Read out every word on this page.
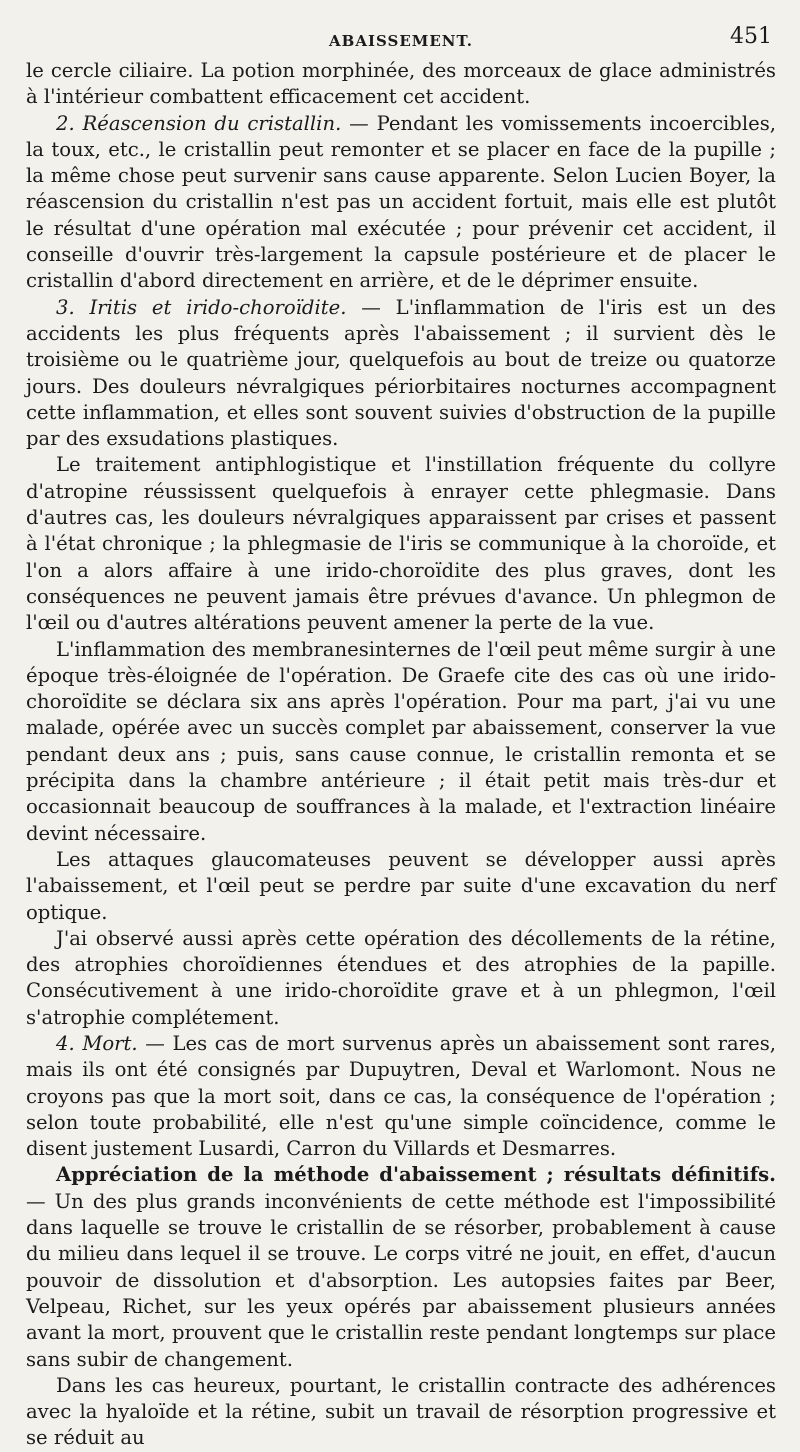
ABAISSEMENT.	451

le cercle ciliaire. La potion morphinée, des morceaux de glace administrés à l'intérieur combattent efficacement cet accident.

2. Réascension du cristallin. — Pendant les vomissements incoercibles, la toux, etc., le cristallin peut remonter et se placer en face de la pupille ; la même chose peut survenir sans cause apparente. Selon Lucien Boyer, la réascension du cristallin n'est pas un accident fortuit, mais elle est plutôt le résultat d'une opération mal exécutée ; pour prévenir cet accident, il conseille d'ouvrir très-largement la capsule postérieure et de placer le cristallin d'abord directement en arrière, et de le déprimer ensuite.

3. Iritis et irido-choroïdite. — L'inflammation de l'iris est un des accidents les plus fréquents après l'abaissement ; il survient dès le troisième ou le quatrième jour, quelquefois au bout de treize ou quatorze jours. Des douleurs névralgiques périorbitaires nocturnes accompagnent cette inflammation, et elles sont souvent suivies d'obstruction de la pupille par des exsudations plastiques.

Le traitement antiphlogistique et l'instillation fréquente du collyre d'atropine réussissent quelquefois à enrayer cette phlegmasie. Dans d'autres cas, les douleurs névralgiques apparaissent par crises et passent à l'état chronique ; la phlegmasie de l'iris se communique à la choroïde, et l'on a alors affaire à une irido-choroïdite des plus graves, dont les conséquences ne peuvent jamais être prévues d'avance. Un phlegmon de l'œil ou d'autres altérations peuvent amener la perte de la vue.

L'inflammation des membranesinternes de l'œil peut même surgir à une époque très-éloignée de l'opération. De Graefe cite des cas où une irido-choroïdite se déclara six ans après l'opération. Pour ma part, j'ai vu une malade, opérée avec un succès complet par abaissement, conserver la vue pendant deux ans ; puis, sans cause connue, le cristallin remonta et se précipita dans la chambre antérieure ; il était petit mais très-dur et occasionnait beaucoup de souffrances à la malade, et l'extraction linéaire devint nécessaire.

Les attaques glaucomateuses peuvent se développer aussi après l'abaissement, et l'œil peut se perdre par suite d'une excavation du nerf optique.

J'ai observé aussi après cette opération des décollements de la rétine, des atrophies choroïdiennes étendues et des atrophies de la papille. Consécutivement à une irido-choroïdite grave et à un phlegmon, l'œil s'atrophie complétement.

4. Mort. — Les cas de mort survenus après un abaissement sont rares, mais ils ont été consignés par Dupuytren, Deval et Warlomont. Nous ne croyons pas que la mort soit, dans ce cas, la conséquence de l'opération ; selon toute probabilité, elle n'est qu'une simple coïncidence, comme le disent justement Lusardi, Carron du Villards et Desmarres.

Appréciation de la méthode d'abaissement ; résultats définitifs. — Un des plus grands inconvénients de cette méthode est l'impossibilité dans laquelle se trouve le cristallin de se résorber, probablement à cause du milieu dans lequel il se trouve. Le corps vitré ne jouit, en effet, d'aucun pouvoir de dissolution et d'absorption. Les autopsies faites par Beer, Velpeau, Richet, sur les yeux opérés par abaissement plusieurs années avant la mort, prouvent que le cristallin reste pendant longtemps sur place sans subir de changement.

Dans les cas heureux, pourtant, le cristallin contracte des adhérences avec la hyaloïde et la rétine, subit un travail de résorption progressive et se réduit au
